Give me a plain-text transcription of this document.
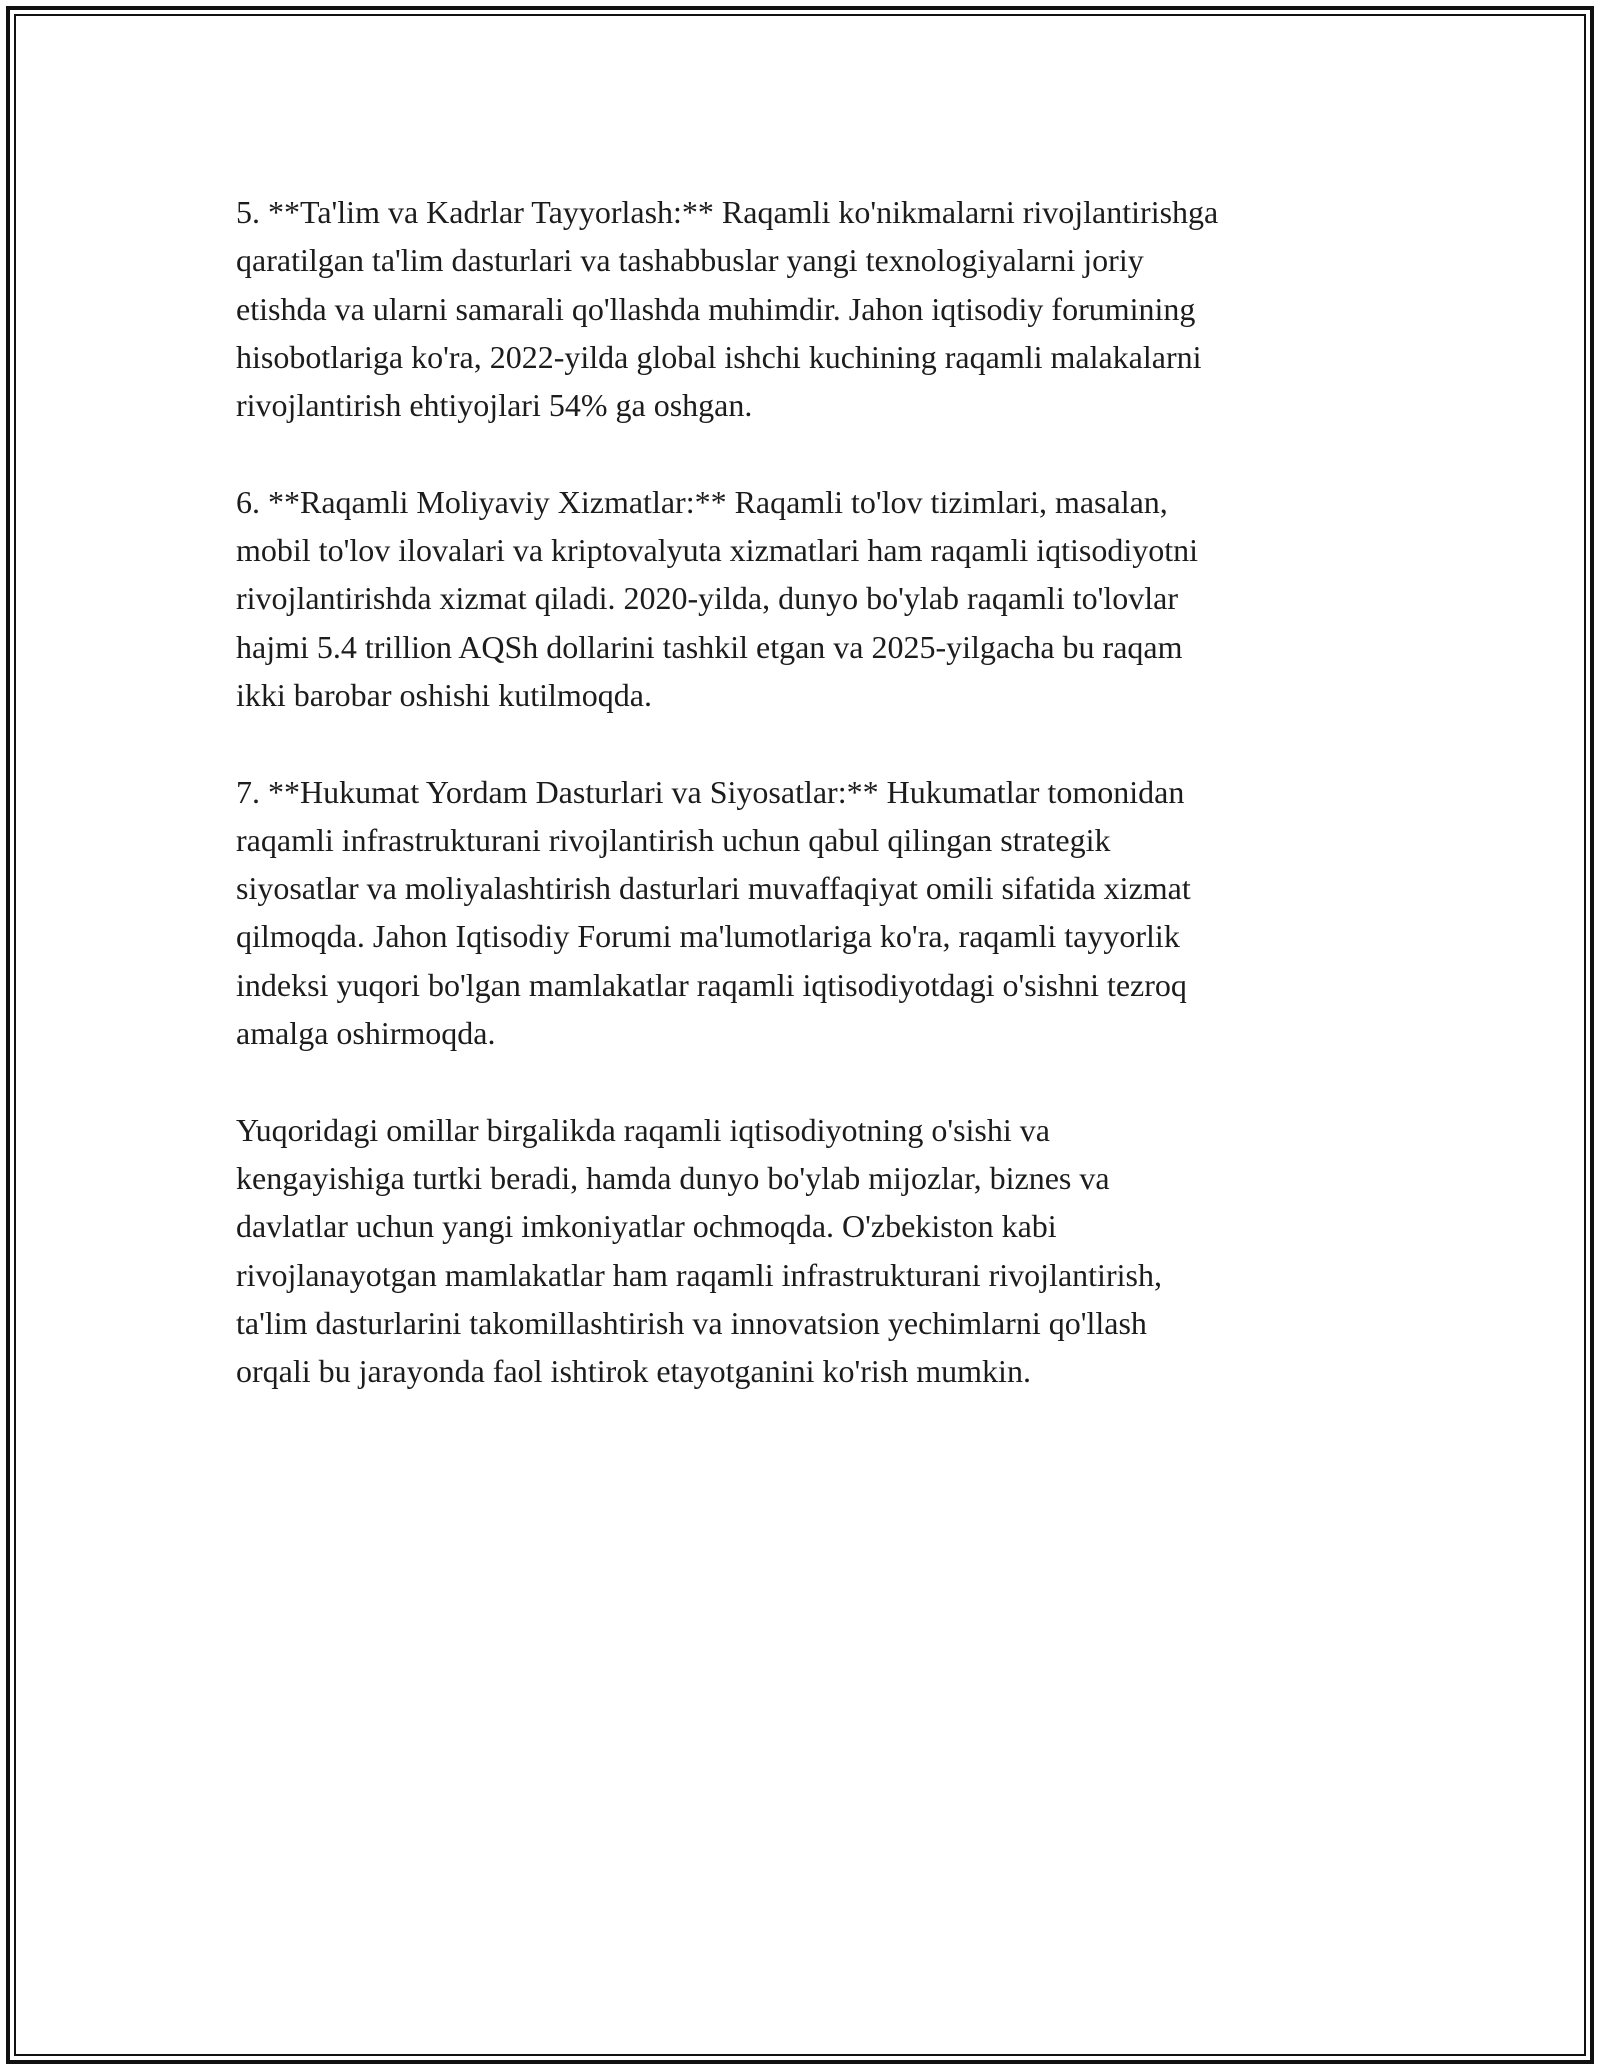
5. **Ta'lim va Kadrlar Tayyorlash:** Raqamli ko'nikmalarni rivojlantirishga
qaratilgan ta'lim dasturlari va tashabbuslar yangi texnologiyalarni joriy
etishda va ularni samarali qo'llashda muhimdir. Jahon iqtisodiy forumining
hisobotlariga ko'ra, 2022-yilda global ishchi kuchining raqamli malakalarni
rivojlantirish ehtiyojlari 54% ga oshgan.

6. **Raqamli Moliyaviy Xizmatlar:** Raqamli to'lov tizimlari, masalan,
mobil to'lov ilovalari va kriptovalyuta xizmatlari ham raqamli iqtisodiyotni
rivojlantirishda xizmat qiladi. 2020-yilda, dunyo bo'ylab raqamli to'lovlar
hajmi 5.4 trillion AQSh dollarini tashkil etgan va 2025-yilgacha bu raqam
ikki barobar oshishi kutilmoqda.

7. **Hukumat Yordam Dasturlari va Siyosatlar:** Hukumatlar tomonidan
raqamli infrastrukturani rivojlantirish uchun qabul qilingan strategik
siyosatlar va moliyalashtirish dasturlari muvaffaqiyat omili sifatida xizmat
qilmoqda. Jahon Iqtisodiy Forumi ma'lumotlariga ko'ra, raqamli tayyorlik
indeksi yuqori bo'lgan mamlakatlar raqamli iqtisodiyotdagi o'sishni tezroq
amalga oshirmoqda.

Yuqoridagi omillar birgalikda raqamli iqtisodiyotning o'sishi va
kengayishiga turtki beradi, hamda dunyo bo'ylab mijozlar, biznes va
davlatlar uchun yangi imkoniyatlar ochmoqda. O'zbekiston kabi
rivojlanayotgan mamlakatlar ham raqamli infrastrukturani rivojlantirish,
ta'lim dasturlarini takomillashtirish va innovatsion yechimlarni qo'llash
orqali bu jarayonda faol ishtirok etayotganini ko'rish mumkin.
